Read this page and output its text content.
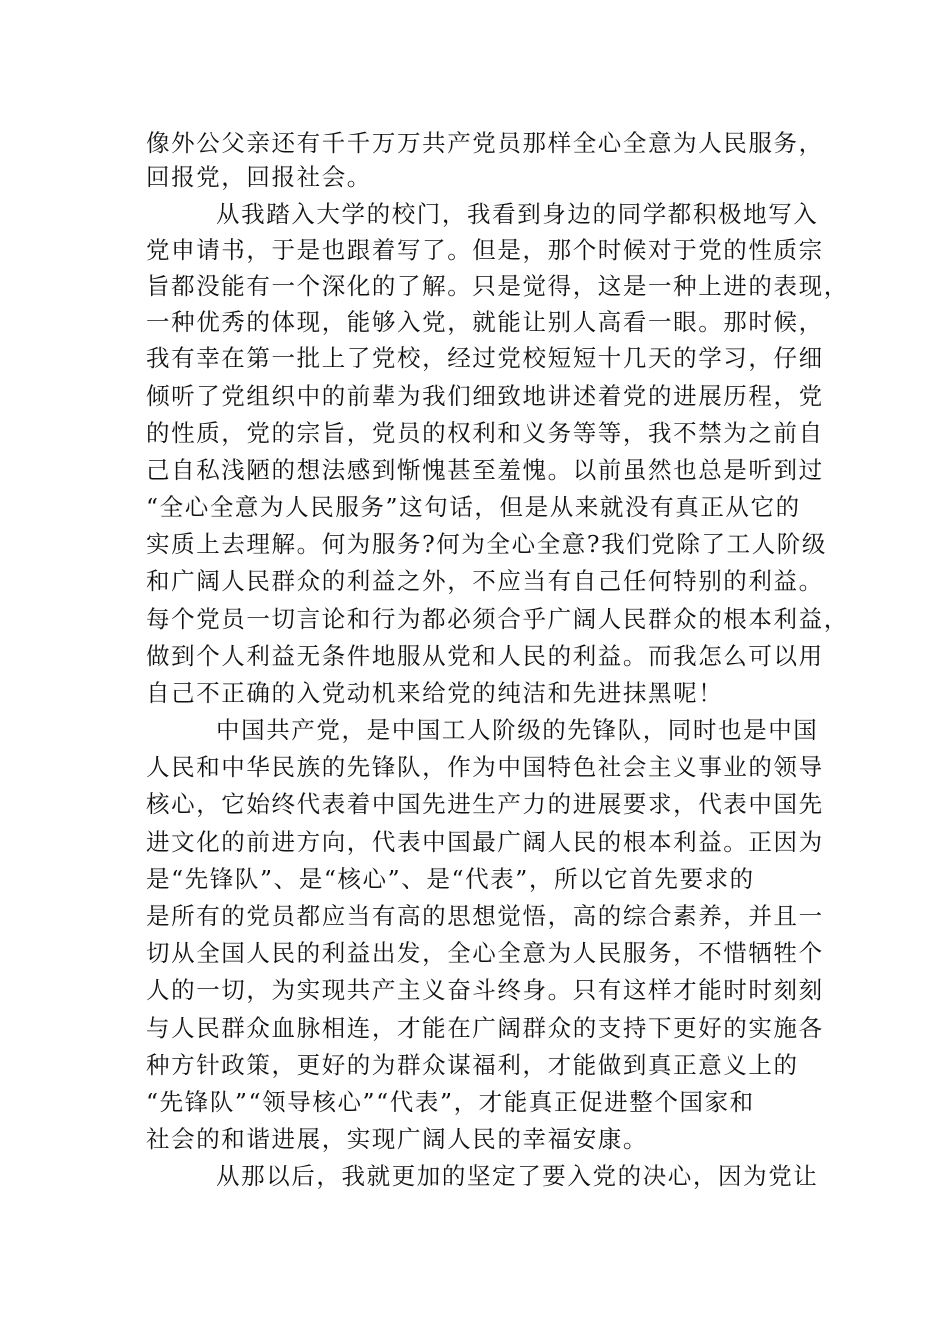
像外公父亲还有千千万万共产党员那样全心全意为人民服务，
回报党，回报社会。
从我踏入大学的校门，我看到身边的同学都积极地写入
党申请书，于是也跟着写了。但是，那个时候对于党的性质宗
旨都没能有一个深化的了解。只是觉得，这是一种上进的表现，
一种优秀的体现，能够入党，就能让别人高看一眼。那时候，
我有幸在第一批上了党校，经过党校短短十几天的学习，仔细
倾听了党组织中的前辈为我们细致地讲述着党的进展历程，党
的性质，党的宗旨，党员的权利和义务等等，我不禁为之前自
己自私浅陋的想法感到惭愧甚至羞愧。以前虽然也总是听到过
“全心全意为人民服务”这句话，但是从来就没有真正从它的
实质上去理解。何为服务?何为全心全意?我们党除了工人阶级
和广阔人民群众的利益之外，不应当有自己任何特别的利益。
每个党员一切言论和行为都必须合乎广阔人民群众的根本利益，
做到个人利益无条件地服从党和人民的利益。而我怎么可以用
自己不正确的入党动机来给党的纯洁和先进抹黑呢！
中国共产党，是中国工人阶级的先锋队，同时也是中国
人民和中华民族的先锋队，作为中国特色社会主义事业的领导
核心，它始终代表着中国先进生产力的进展要求，代表中国先
进文化的前进方向，代表中国最广阔人民的根本利益。正因为
是“先锋队”、是“核心”、是“代表”，所以它首先要求的
是所有的党员都应当有高的思想觉悟，高的综合素养，并且一
切从全国人民的利益出发，全心全意为人民服务，不惜牺牲个
人的一切，为实现共产主义奋斗终身。只有这样才能时时刻刻
与人民群众血脉相连，才能在广阔群众的支持下更好的实施各
种方针政策，更好的为群众谋福利，才能做到真正意义上的
“先锋队”“领导核心”“代表”，才能真正促进整个国家和
社会的和谐进展，实现广阔人民的幸福安康。
从那以后，我就更加的坚定了要入党的决心，因为党让
